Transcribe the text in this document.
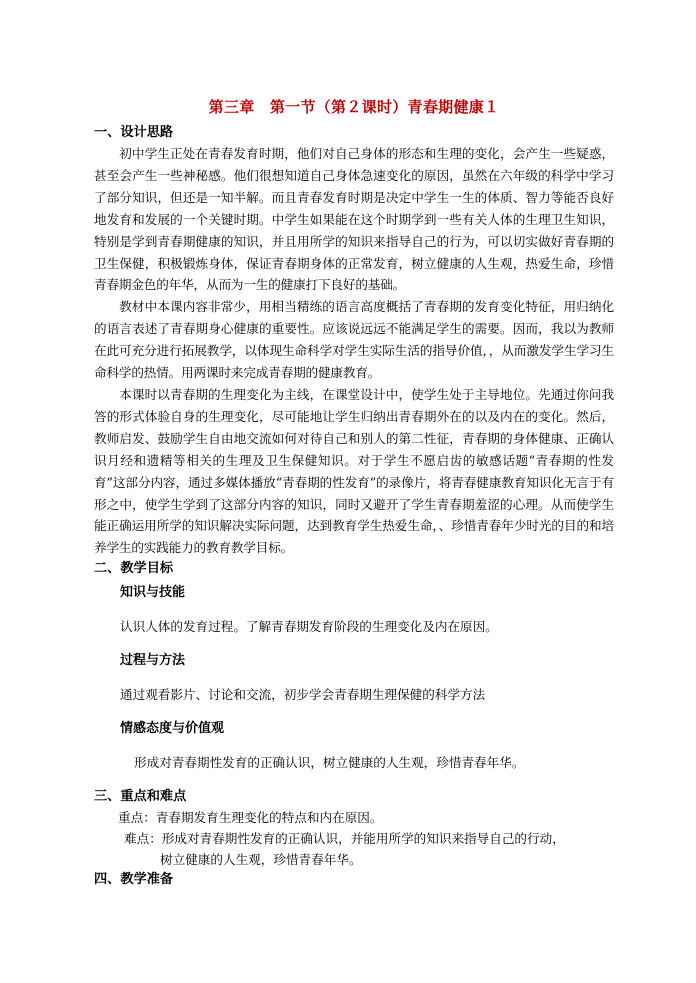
第三章　第一节（第２课时）青春期健康１
一、设计思路

初中学生正处在青春发育时期，他们对自己身体的形态和生理的变化，会产生一些疑惑，甚至会产生一些神秘感。他们很想知道自己身体急速变化的原因，虽然在六年级的科学中学习了部分知识，但还是一知半解。而且青春发育时期是决定中学生一生的体质、智力等能否良好地发育和发展的一个关键时期。中学生如果能在这个时期学到一些有关人体的生理卫生知识，特别是学到青春期健康的知识，并且用所学的知识来指导自己的行为，可以切实做好青春期的卫生保健，积极锻炼身体，保证青春期身体的正常发育，树立健康的人生观，热爱生命，珍惜青春期金色的年华，从而为一生的健康打下良好的基础。

教材中本课内容非常少，用相当精练的语言高度概括了青春期的发育变化特征，用归纳化的语言表述了青春期身心健康的重要性。应该说远远不能满足学生的需要。因而，我以为教师在此可充分进行拓展教学，以体现生命科学对学生实际生活的指导价值，，从而激发学生学习生命科学的热情。用两课时来完成青春期的健康教育。

本课时以青春期的生理变化为主线，在课堂设计中，使学生处于主导地位。先通过你问我答的形式体验自身的生理变化，尽可能地让学生归纳出青春期外在的以及内在的变化。然后，教师启发、鼓励学生自由地交流如何对待自己和别人的第二性征，青春期的身体健康、正确认识月经和遗精等相关的生理及卫生保健知识。对于学生不愿启齿的敏感话题“青春期的性发育”这部分内容，通过多媒体播放“青春期的性发育”的录像片，将青春健康教育知识化无言于有形之中，使学生学到了这部分内容的知识，同时又避开了学生青春期羞涩的心理。从而使学生能正确运用所学的知识解决实际问题，达到教育学生热爱生命，、珍惜青春年少时光的目的和培养学生的实践能力的教育教学目标。

二、教学目标
知识与技能
认识人体的发育过程。了解青春期发育阶段的生理变化及内在原因。
过程与方法
通过观看影片、讨论和交流，初步学会青春期生理保健的科学方法
情感态度与价值观
形成对青春期性发育的正确认识，树立健康的人生观，珍惜青春年华。
三、重点和难点
重点：青春期发育生理变化的特点和内在原因。
难点：形成对青春期性发育的正确认识，并能用所学的知识来指导自己的行动，
树立健康的人生观，珍惜青春年华。
四、教学准备
